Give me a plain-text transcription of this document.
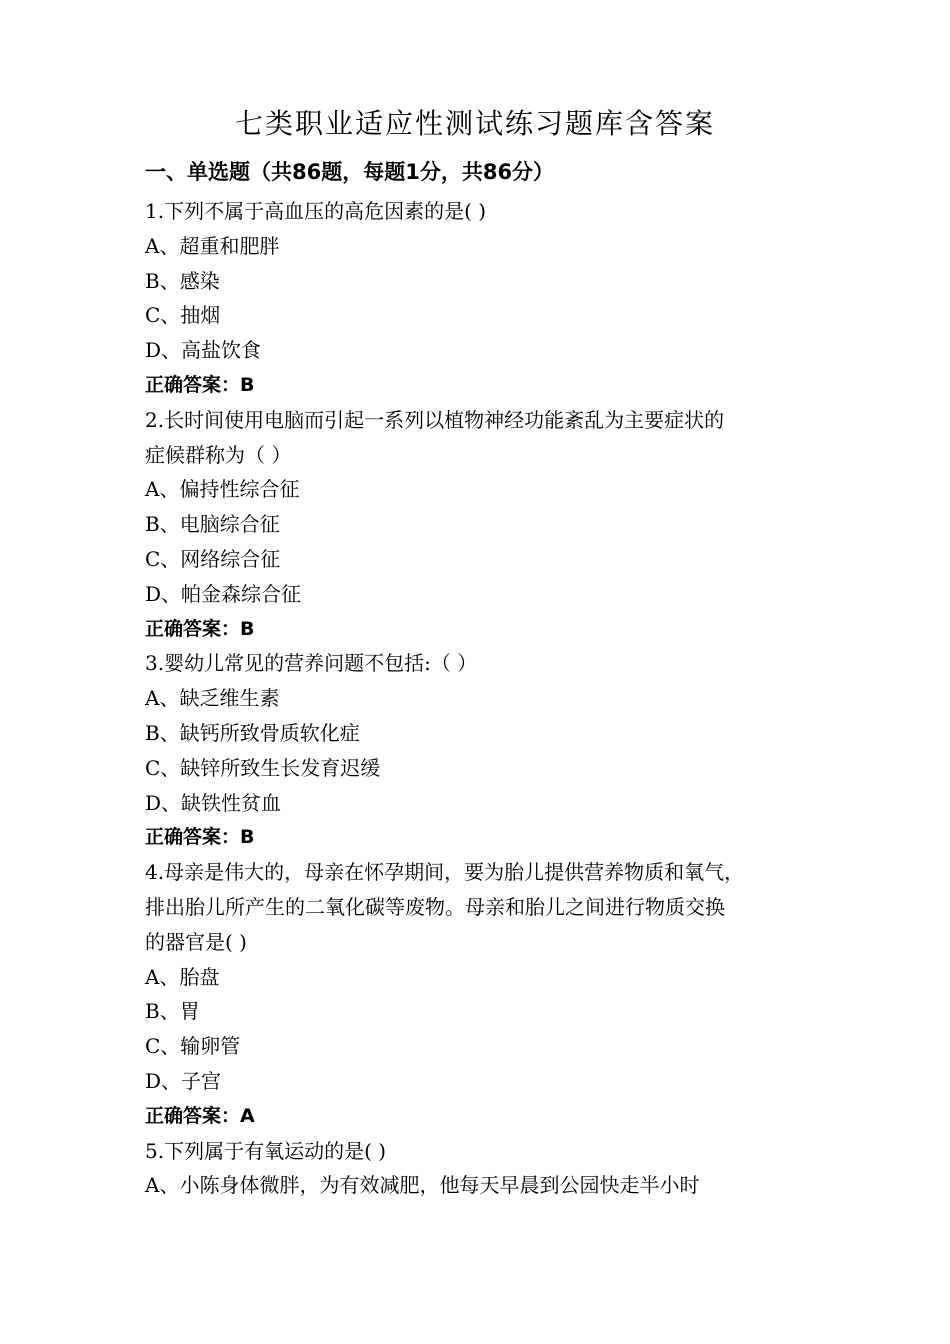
七类职业适应性测试练习题库含答案
一、单选题（共86题，每题1分，共86分）
1.下列不属于高血压的高危因素的是( )
A、超重和肥胖
B、感染
C、抽烟
D、高盐饮食
正确答案：B
2.长时间使用电脑而引起一系列以植物神经功能紊乱为主要症状的
症候群称为（ ）
A、偏持性综合征
B、电脑综合征
C、网络综合征
D、帕金森综合征
正确答案：B
3.婴幼儿常见的营养问题不包括:（ ）
A、缺乏维生素
B、缺钙所致骨质软化症
C、缺锌所致生长发育迟缓
D、缺铁性贫血
正确答案：B
4.母亲是伟大的，母亲在怀孕期间，要为胎儿提供营养物质和氧气，
排出胎儿所产生的二氧化碳等废物。母亲和胎儿之间进行物质交换
的器官是( )
A、胎盘
B、胃
C、输卵管
D、子宫
正确答案：A
5.下列属于有氧运动的是( )
A、小陈身体微胖，为有效减肥，他每天早晨到公园快走半小时
